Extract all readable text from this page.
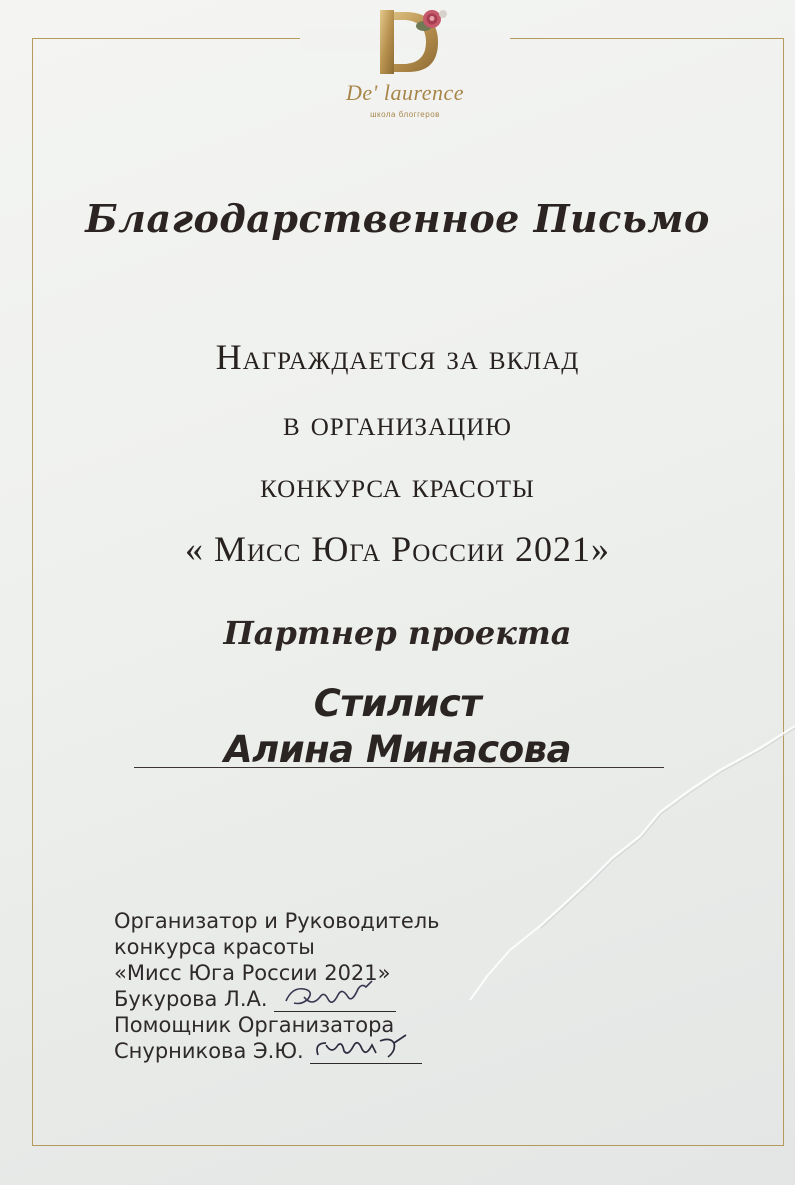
De' laurence
школа блоггеров
Благодарственное Письмо
Награждается за вклад
в организацию
конкурса красоты
« Мисс Юга России 2021»
Партнер проекта
Стилист
Алина Минасова
Организатор и Руководитель
конкурса красоты
«Мисс Юга России 2021»
Букурова Л.А.
Помощник Организатора
Снурникова Э.Ю.
